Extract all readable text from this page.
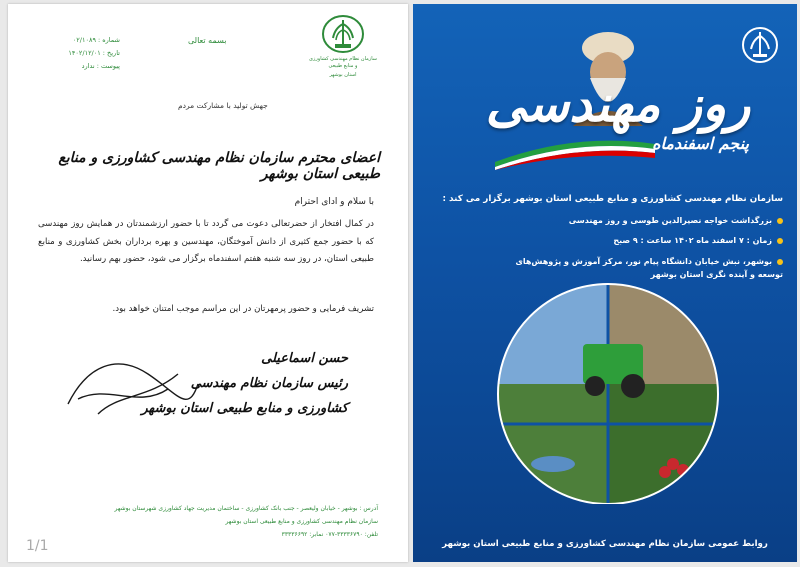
شماره : ۰۲/۱۰۸۹
تاریخ : ۱۴۰۲/۱۲/۰۱
پیوست : ندارد
بسمه تعالی
سازمان نظام مهندسی کشاورزی و منابع طبیعی
استان بوشهر
جهش تولید با مشارکت مردم
اعضای محترم سازمان نظام مهندسی کشاورزی و منابع طبیعی استان بوشهر
با سلام و ادای احترام
در کمال افتخار از حضرتعالی دعوت می گردد تا با حضور ارزشمندتان در همایش روز مهندسی که با حضور جمع کثیری از دانش آموختگان، مهندسین و بهره برداران بخش کشاورزی و منابع طبیعی استان، در روز سه شنبه هفتم اسفندماه برگزار می شود، حضور بهم رسانید.
تشریف فرمایی و حضور پرمهرتان در این مراسم موجب امتنان خواهد بود.
حسن اسماعیلی
رئیس سازمان نظام مهندسی
کشاورزی و منابع طبیعی استان بوشهر
آدرس : بوشهر - خیابان ولیعصر - جنب بانک کشاورزی - ساختمان مدیریت جهاد کشاورزی شهرستان بوشهر
سازمان نظام مهندسی کشاورزی و منابع طبیعی استان بوشهر
تلفن: ۳۳۳۳۶۷۹۰-۰۷۷ نمابر: ۳۳۳۳۶۶۹۲
1/1
روز مهندسی
پنجم اسفندماه
سازمان نظام مهندسی کشاورزی و منابع طبیعی استان بوشهر برگزار می کند :
بزرگداشت خواجه نصیرالدین طوسی و روز مهندسی
زمان : ۷ اسفند ماه ۱۴۰۲ ساعت : ۹ صبح
بوشهر، نبش خیابان دانشگاه پیام نور، مرکز آموزش و پژوهش‌های توسعه و آینده نگری استان بوشهر
روابط عمومی سازمان نظام مهندسی کشاورزی و منابع طبیعی استان بوشهر
